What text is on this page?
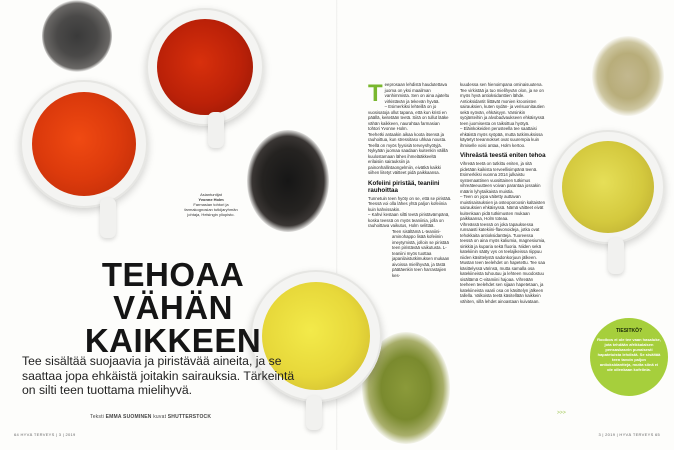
Asiantuntijat
Yvonne Holm
Farmasian tohtori ja farmakognosian tutkijaryhmän johtaja, Helsingin yliopisto.
TEHOAA
VÄHÄN
KAIKKEEN
Tee sisältää suojaavia ja piristävää aineita, ja se saattaa jopa ehkäistä joitakin sairauksia. Tärkeintä on silti teen tuottama mielihyvä.
Teksti EMMA SUOMINEN kuvat SHUTTERSTOCK

Teeprosaan lehdistä haudutettava juoma on yksi maailman vanhimmista. Sen on aina ajateltu virkistävän ja tekevän hyvää.

– Esimerkiksi lehteillä on jo vuosisatoja ollut tapana, että kun kristi en päällä, keitetään teetä. Siitä on tullut lääke vähän kaikkeen, naurahtaa farmasian tohtori Yvonne Holm.

Teehetki antaakin aikaa koota itsensä ja rauhoittua, kun stressitaso uhkaa nousta. Teellä on myös fyysisiä terveyshyötyjä. Nykyään juomaa saadaan kuitenkin välillä kuulostamaan lähes ihmelääkkeeltä erilaisiin sairauksiin ja painonhallintaongelmiin, eivätkä kaikki siihen liitetyt väitteet pidä paikkaansa.

Kofeiini piristää, teaniini rauhoittaa

Tunnetuin teen hyöty on se, että se piristää. Teessä voi olla lähes yhtä paljon kofeiinia kuin kahvissakin.

– Kahvi kestaan siltti teetä piristävämpänä, koska teessä on myös teaniinia, jolla on rauhoittava vaikutus, Holm selittää.

Teen sisältämä L-teaniini-aminohappo lisää kofeiinin imeytymistä, jolloin se piristää teen piristävää vaikutusta. L-teaniini myös tuottaa japanilaistutkimuksen mukaan aivoissa mielihyvää, ja tästä päätäenkin teen harrastajien kes-

kuudessa sen hienoimpana ominaisuutena.

Tee virkistää ja tuo mielihyvän olon, ja se on myös hyvä antioksidanttien lähde. Antioksidantit liittävät monien kroonisten sairauksien, kuten sydän- ja verisuonitautien sekä syövän, ehkäisyyn. Varsinkin syöjänteihin ja alvobadvaukseen ehkäisyssä teen juomisesta on taiksittua hyötyä.

– Eläinkokeiden perusteella tee saattaisi ehkäistä myös syöpää, mutta tutkimuksissa käytetyt teeannokset ovat suurempia kuin ihmiselle voisi antaa, Holm kertoo.

Vihreästä teestä eniten tehoa

Vihreää teetä on tutkittu eniten, ja sitä pidetään kaikista terveellisimpänä teenä. Esimerkiksi vuonna 2014 julkaistu systemaattinen vuosittainen tutkimus vihreäteeuutteen voivan parantaa jossakin määrin lyhytaikaista muistia.

– Teen on jopa väitetty auttavan muistisairauksien ja osteoporoosin kaltaisten sairauksien ehkäisyssä. Nämä väitteet eivät kuitenkaan pidä tutkimusten mukaan paikkaansa, Holm toteaa.

Vihreässä teessä on joka tapauksessa runsaasti katekiini-flavonoideja, jotka ovat tehokkaita antioksidantteja. Tuoreessa teessä on aina myös kaliumia, magnesiumia, sinkkiä ja kuparia sekä fluoria. Niiden sekä katekiinin sääty vys on teelajikeissa riippuu niiden käsittelystä sadonkorjuun jälkeen.

Mustan teen teelehdet on hapetettu. Tee saa käsittelyssä värinsä, mutta samalla osa katekiineista tuhoutuu ja lehteen muodostuu sisältämä C-vitamiini hajoaa. Vihreään teeheen teelehdet sen sijaan hapetetaan, ja katekiineista vaarii osa on käsittelyn jälkeen tallella. Valkoista teetä käsitellään kaikkein vähiten, sillä lehdet ainoastaan kuivataan.

>>>
TIESITKÖ?
Rooibos ei ole tee vaan hasaluke, jota tehdään afrikkalaisen pensaskasvin punaisesti hapatetuista lehdistä. Se sisältää teen tavoin paljon antioksidantteja, mutta siinä ei ole ollenkaan kofeiinia.
64 HYVÄ TERVEYS | 3 | 2019	3 | 2019 | HYVÄ TERVEYS 65
